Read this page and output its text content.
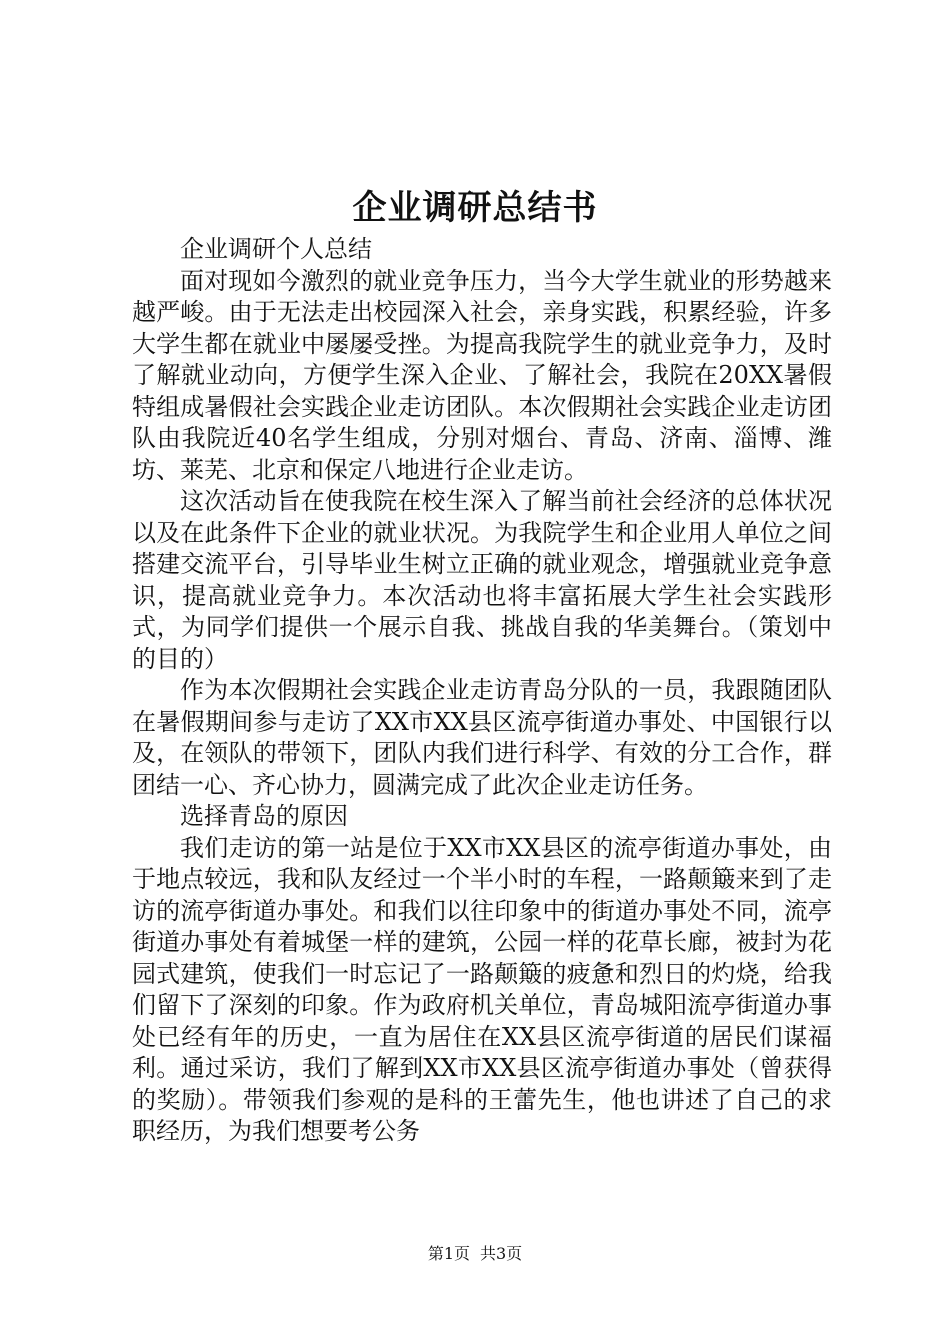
企业调研总结书

企业调研个人总结

面对现如今激烈的就业竞争压力，当今大学生就业的形势越来越严峻。由于无法走出校园深入社会，亲身实践，积累经验，许多大学生都在就业中屡屡受挫。为提高我院学生的就业竞争力，及时了解就业动向，方便学生深入企业、了解社会，我院在20XX暑假特组成暑假社会实践企业走访团队。本次假期社会实践企业走访团队由我院近40名学生组成，分别对烟台、青岛、济南、淄博、潍坊、莱芜、北京和保定八地进行企业走访。

这次活动旨在使我院在校生深入了解当前社会经济的总体状况以及在此条件下企业的就业状况。为我院学生和企业用人单位之间搭建交流平台，引导毕业生树立正确的就业观念，增强就业竞争意识，提高就业竞争力。本次活动也将丰富拓展大学生社会实践形式，为同学们提供一个展示自我、挑战自我的华美舞台。（策划中的目的）

作为本次假期社会实践企业走访青岛分队的一员，我跟随团队在暑假期间参与走访了XX市XX县区流亭街道办事处、中国银行以及，在领队的带领下，团队内我们进行科学、有效的分工合作，群团结一心、齐心协力，圆满完成了此次企业走访任务。

选择青岛的原因

我们走访的第一站是位于XX市XX县区的流亭街道办事处，由于地点较远，我和队友经过一个半小时的车程，一路颠簸来到了走访的流亭街道办事处。和我们以往印象中的街道办事处不同，流亭街道办事处有着城堡一样的建筑，公园一样的花草长廊，被封为花园式建筑，使我们一时忘记了一路颠簸的疲惫和烈日的灼烧，给我们留下了深刻的印象。作为政府机关单位，青岛城阳流亭街道办事处已经有年的历史，一直为居住在XX县区流亭街道的居民们谋福利。通过采访，我们了解到XX市XX县区流亭街道办事处（曾获得的奖励）。带领我们参观的是科的王蕾先生，他也讲述了自己的求职经历，为我们想要考公务

第1页 共3页
